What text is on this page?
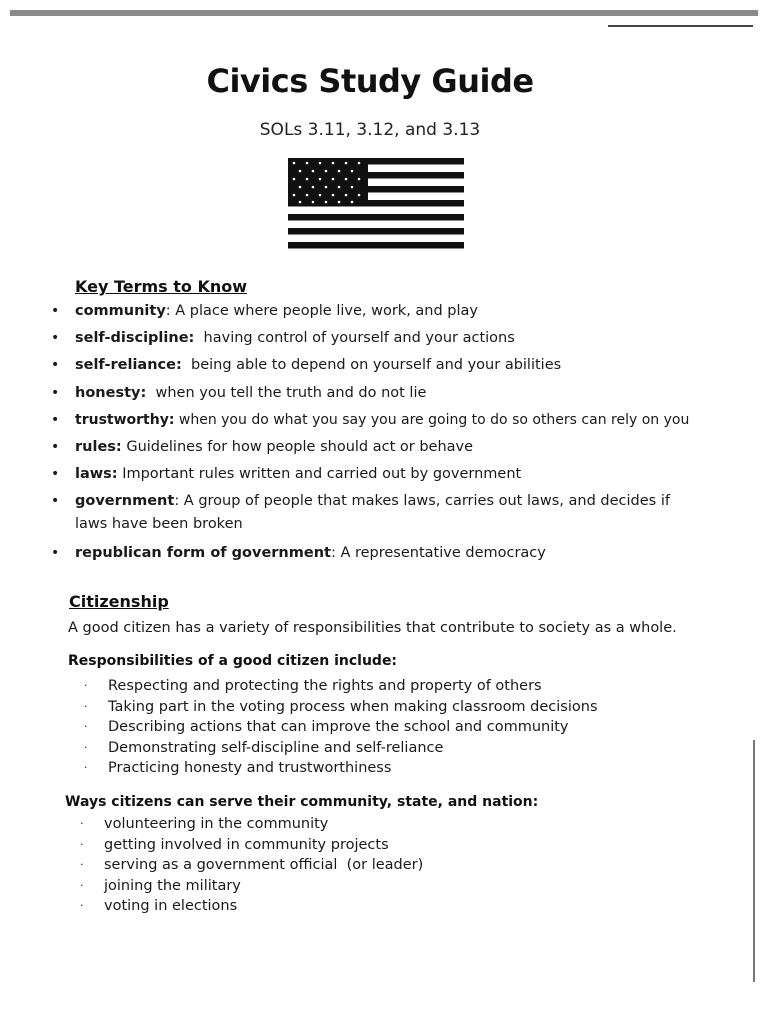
Civics Study Guide
SOLs 3.11, 3.12, and 3.13
Key Terms to Know
• community: A place where people live, work, and play
• self-discipline:  having control of yourself and your actions
• self-reliance:  being able to depend on yourself and your abilities
• honesty:  when you tell the truth and do not lie
• trustworthy: when you do what you say you are going to do so others can rely on you
• rules: Guidelines for how people should act or behave
• laws: Important rules written and carried out by government
• government: A group of people that makes laws, carries out laws, and decides if laws have been broken
• republican form of government: A representative democracy
Citizenship
A good citizen has a variety of responsibilities that contribute to society as a whole.
Responsibilities of a good citizen include:
· Respecting and protecting the rights and property of others
· Taking part in the voting process when making classroom decisions
· Describing actions that can improve the school and community
· Demonstrating self-discipline and self-reliance
· Practicing honesty and trustworthiness
Ways citizens can serve their community, state, and nation:
· volunteering in the community
· getting involved in community projects
· serving as a government official  (or leader)
· joining the military
· voting in elections
